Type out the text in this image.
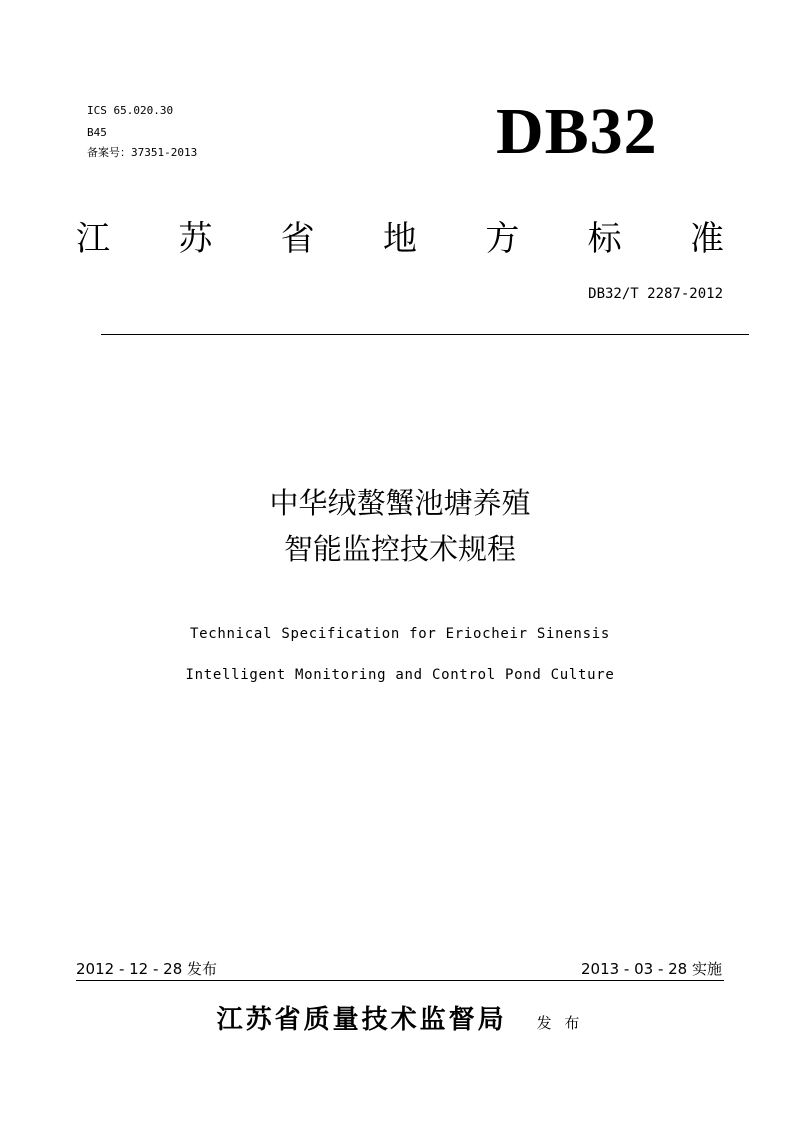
ICS 65.020.30
B45
备案号：37351-2013	DB32
江 苏 省 地 方 标 准
DB32/T 2287-2012
中华绒螯蟹池塘养殖
智能监控技术规程
Technical Specification for Eriocheir Sinensis
Intelligent Monitoring and Control Pond Culture
2012 - 12 - 28 发布	2013 - 03 - 28 实施
江苏省质量技术监督局 发 布
